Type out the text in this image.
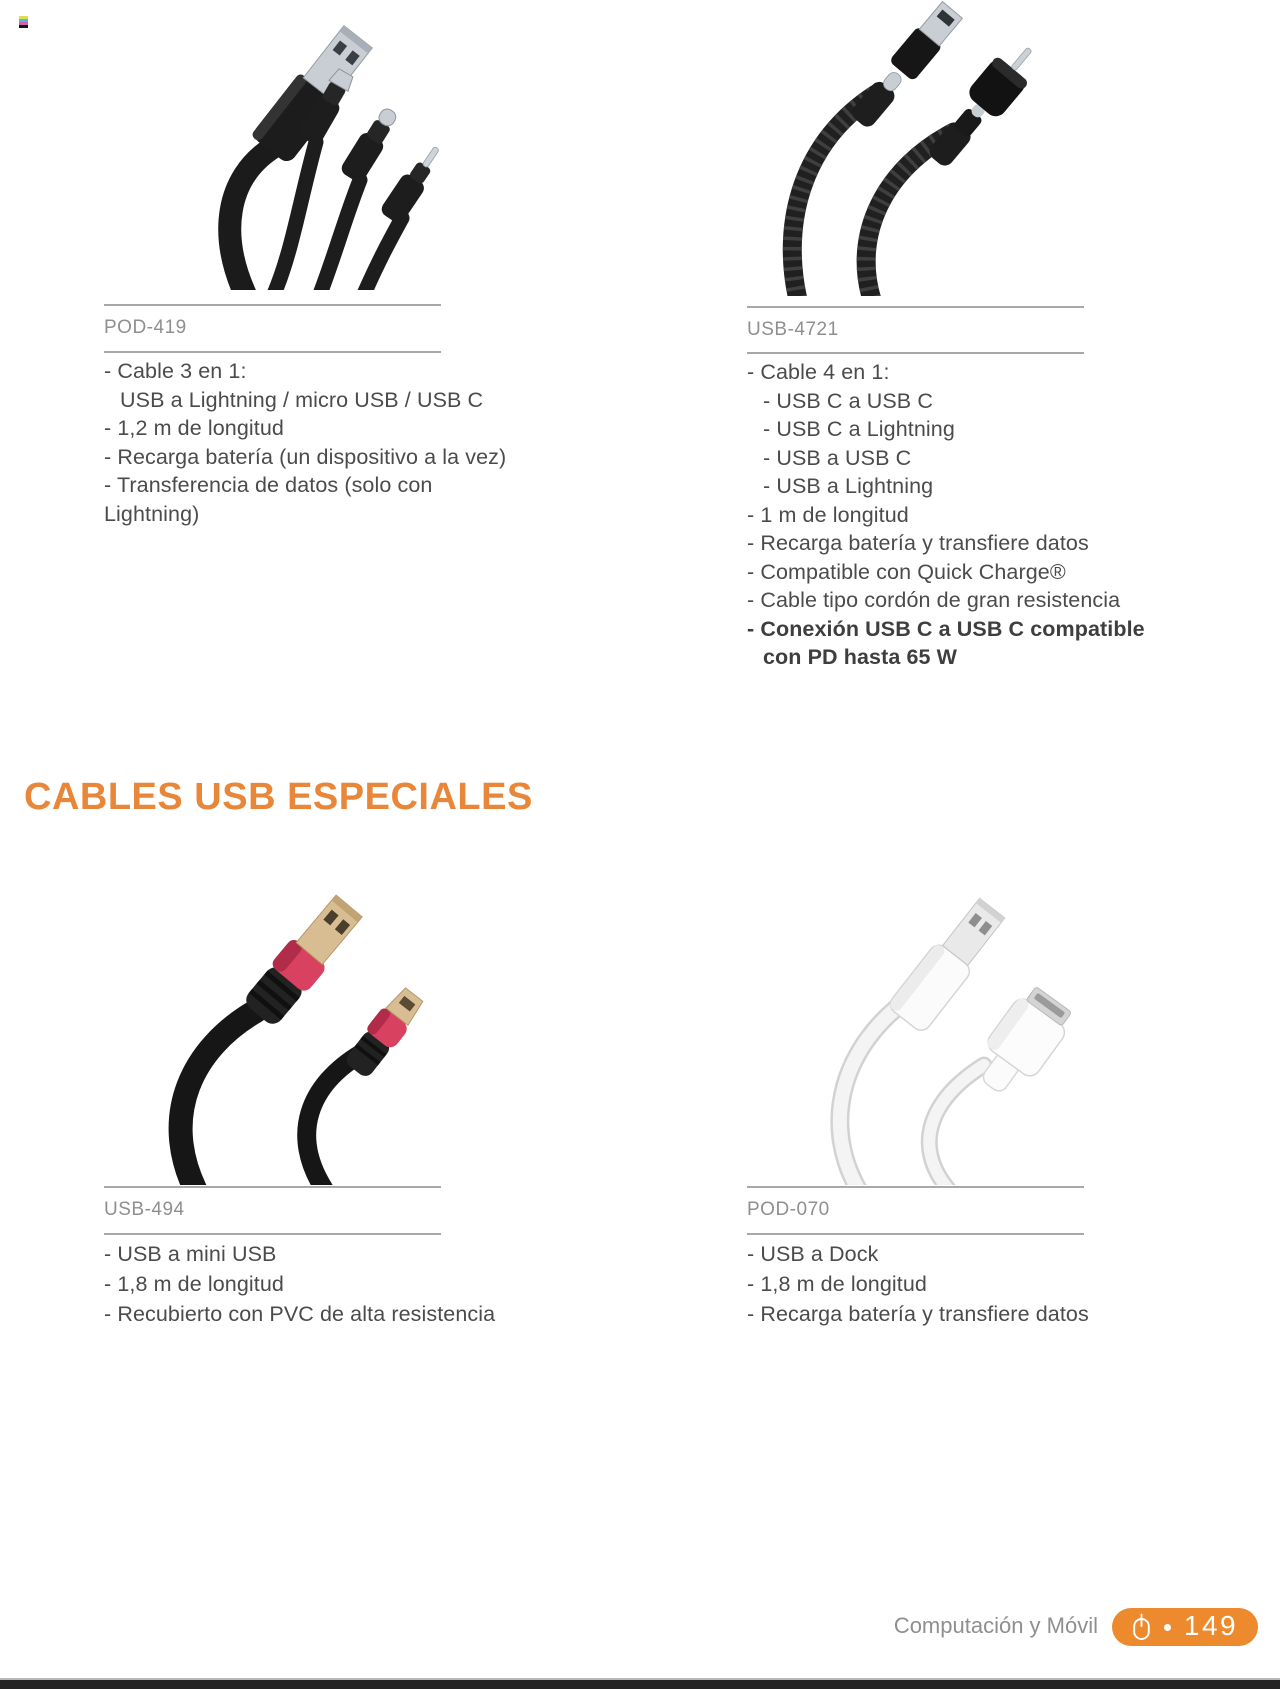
POD-419
- Cable 3 en 1:
USB a Lightning / micro USB / USB C
- 1,2 m de longitud
- Recarga batería (un dispositivo a la vez)
- Transferencia de datos (solo con Lightning)
USB-4721
- Cable 4 en 1:
- USB C a USB C
- USB C a Lightning
- USB a USB C
- USB a Lightning
- 1 m de longitud
- Recarga batería y transfiere datos
- Compatible con Quick Charge®
- Cable tipo cordón de gran resistencia
- Conexión USB C a USB C compatible
con PD hasta 65 W
CABLES USB ESPECIALES
USB-494
- USB a mini USB
- 1,8 m de longitud
- Recubierto con PVC de alta resistencia
POD-070
- USB a Dock
- 1,8 m de longitud
- Recarga batería y transfiere datos
Computación y Móvil	149
